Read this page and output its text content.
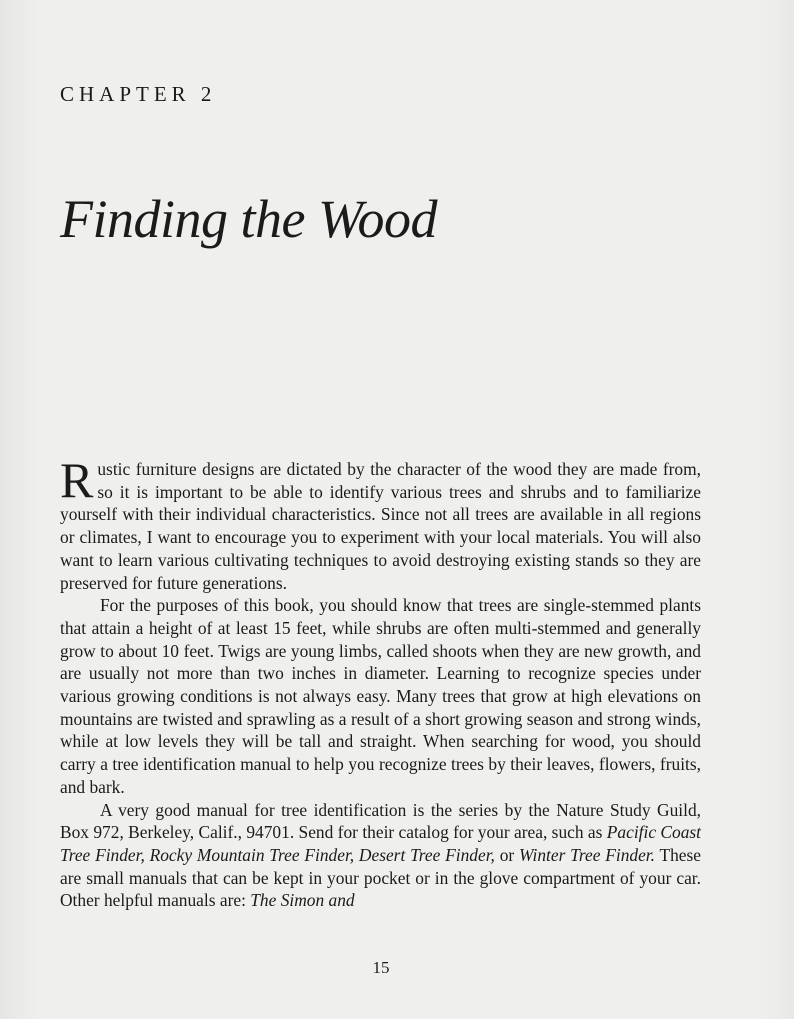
CHAPTER 2
Finding the Wood

Rustic furniture designs are dictated by the character of the wood they are made from, so it is important to be able to identify various trees and shrubs and to familiarize yourself with their individual characteristics. Since not all trees are available in all regions or climates, I want to encourage you to experiment with your local materials. You will also want to learn various cultivating techniques to avoid destroying existing stands so they are preserved for future generations.

For the purposes of this book, you should know that trees are single-stemmed plants that attain a height of at least 15 feet, while shrubs are often multi-stemmed and generally grow to about 10 feet. Twigs are young limbs, called shoots when they are new growth, and are usually not more than two inches in diameter. Learning to recognize species under various growing conditions is not always easy. Many trees that grow at high elevations on mountains are twisted and sprawling as a result of a short growing season and strong winds, while at low levels they will be tall and straight. When searching for wood, you should carry a tree identification manual to help you recognize trees by their leaves, flowers, fruits, and bark.

A very good manual for tree identification is the series by the Nature Study Guild, Box 972, Berkeley, Calif., 94701. Send for their catalog for your area, such as Pacific Coast Tree Finder, Rocky Mountain Tree Finder, Desert Tree Finder, or Winter Tree Finder. These are small manuals that can be kept in your pocket or in the glove compartment of your car. Other helpful manuals are: The Simon and

15
